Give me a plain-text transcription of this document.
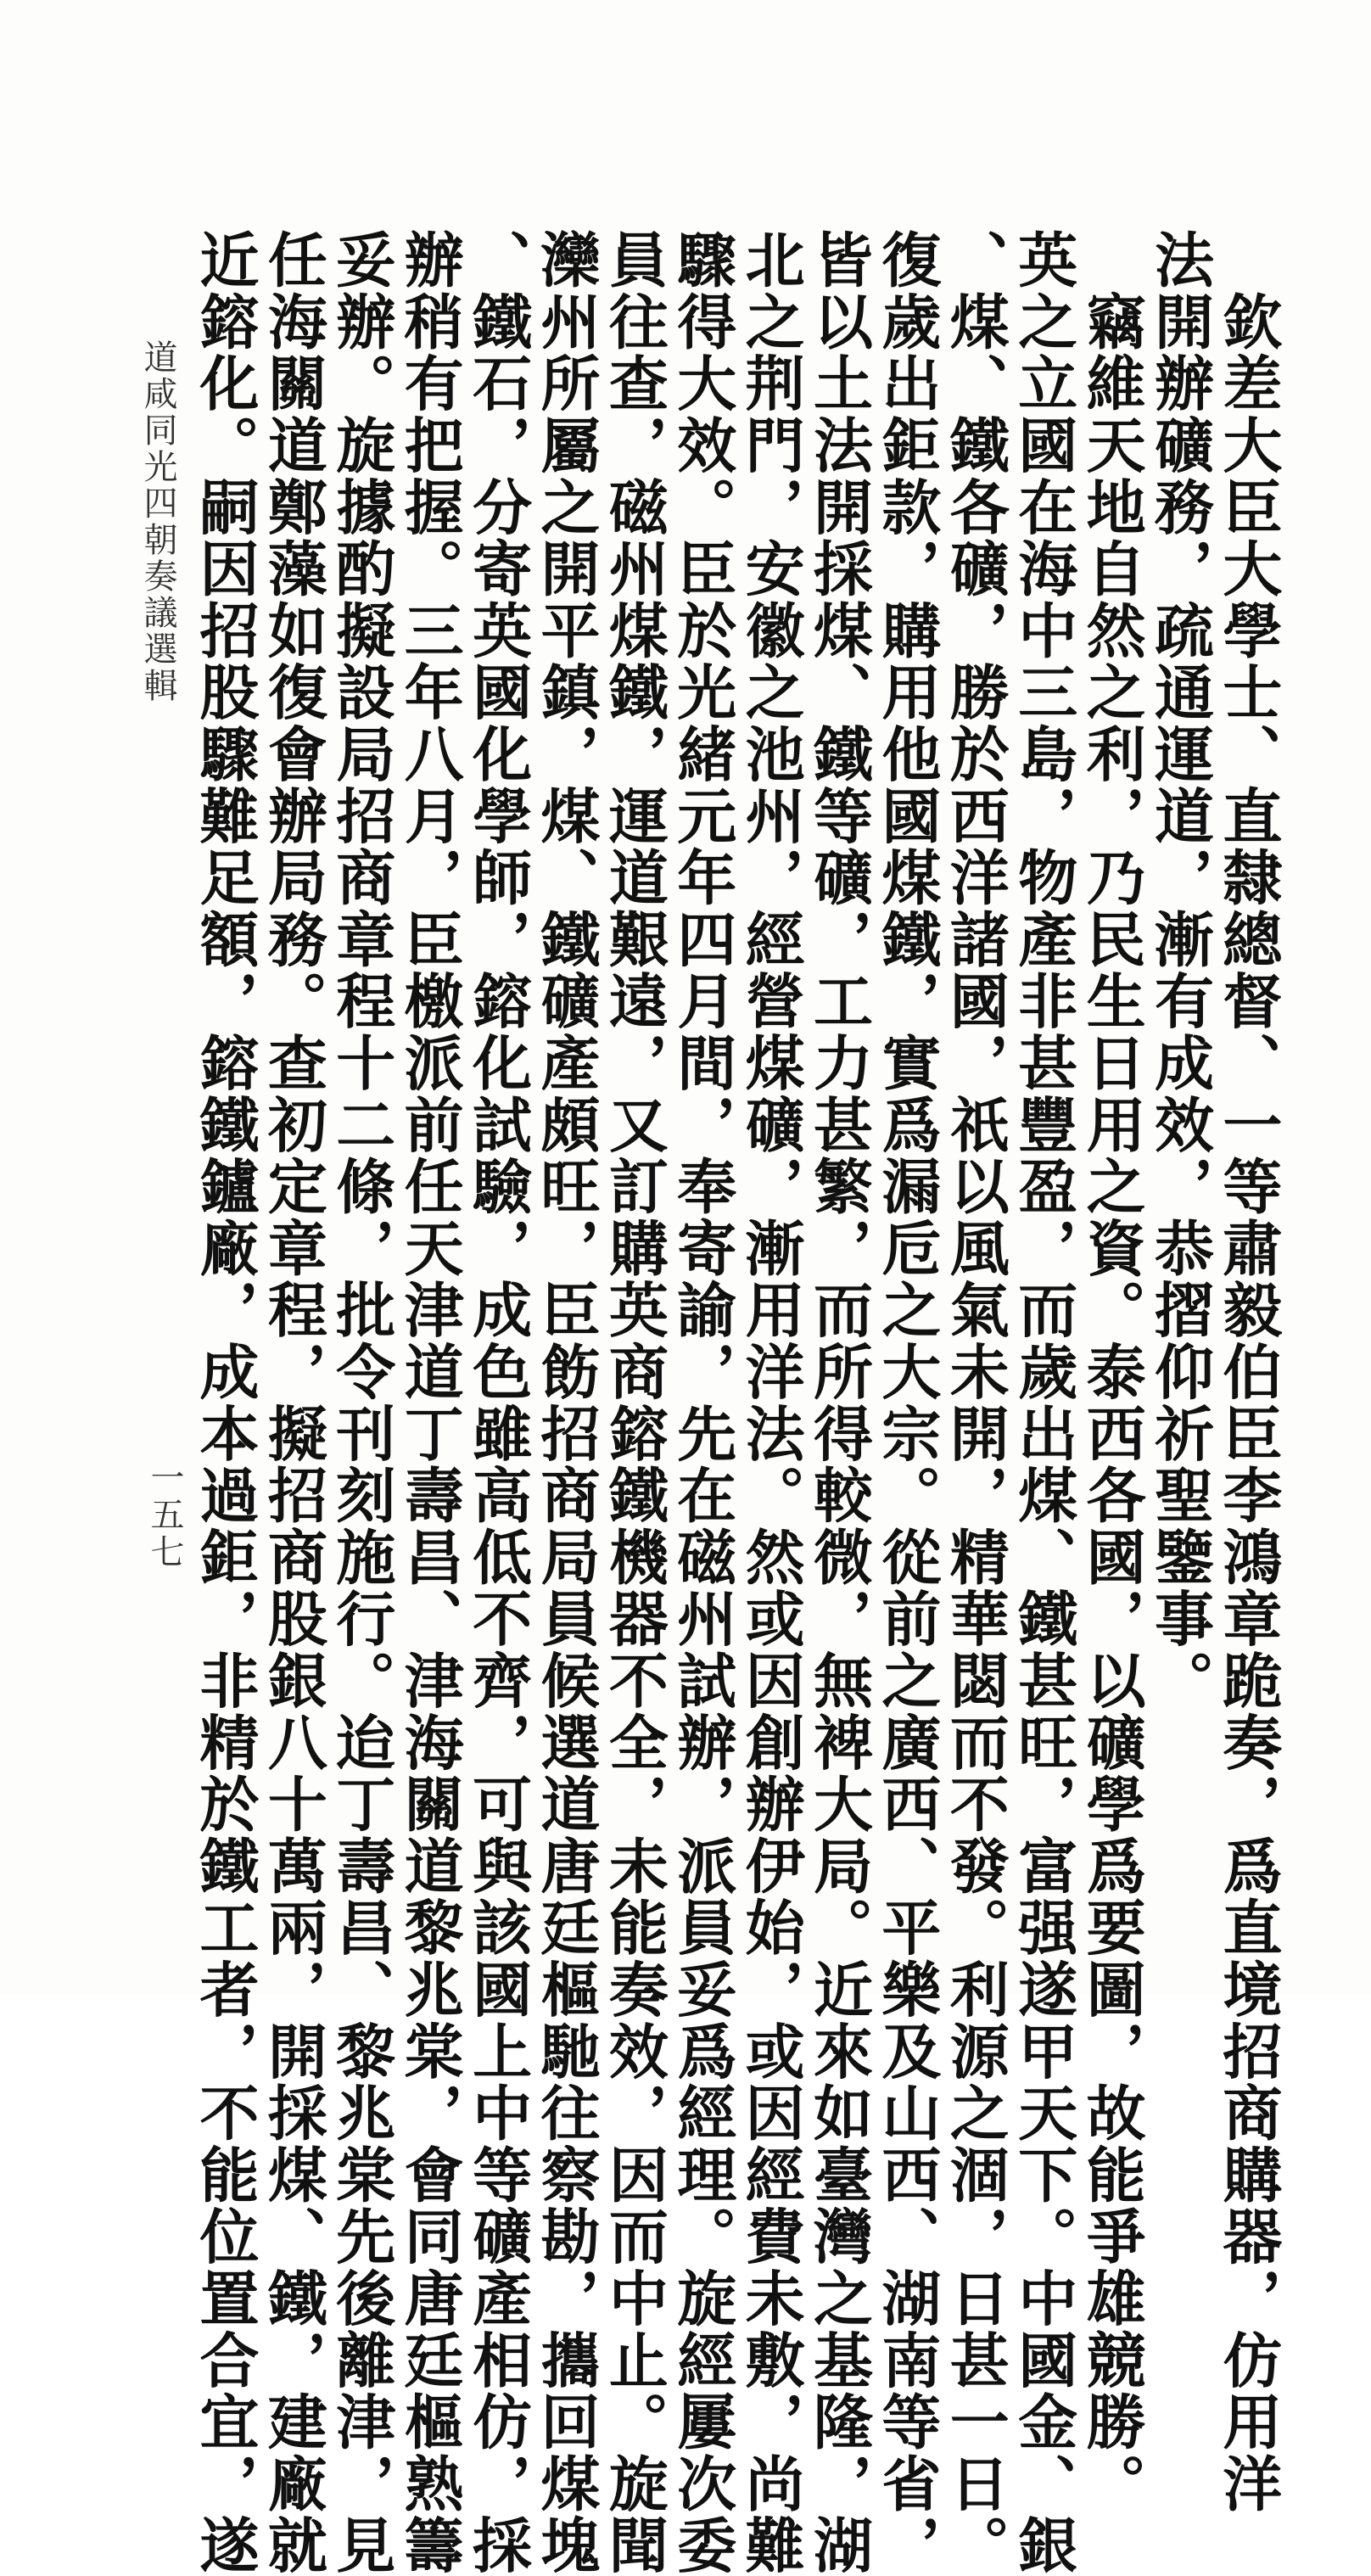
　欽差大臣大學士、直隸總督、一等肅毅伯臣李鴻章跪奏，爲直境招商購器，仿用洋
法開辦礦務，疏通運道，漸有成效，恭摺仰祈聖鑒事。
　竊維天地自然之利，乃民生日用之資。泰西各國，以礦學爲要圖，故能爭雄競勝。
英之立國在海中三島，物產非甚豐盈，而歲出煤、鐵甚旺，富强遂甲天下。中國金、銀
、煤、鐵各礦，勝於西洋諸國，祇以風氣未開，精華閟而不發。利源之涸，日甚一日。
復歲出鉅款，購用他國煤鐵，實爲漏卮之大宗。從前之廣西、平樂及山西、湖南等省，
皆以土法開採煤、鐵等礦，工力甚繁，而所得較微，無裨大局。近來如臺灣之基隆，湖
北之荆門，安徽之池州，經營煤礦，漸用洋法。然或因創辦伊始，或因經費未敷，尚難
驟得大效。臣於光緒元年四月間，奉寄諭，先在磁州試辦，派員妥爲經理。旋經屢次委
員往查，磁州煤鐵，運道艱遠，又訂購英商鎔鐵機器不全，未能奏效，因而中止。旋聞
灤州所屬之開平鎮，煤、鐵礦產頗旺，臣飭招商局員候選道唐廷樞馳往察勘，攜回煤塊
、鐵石，分寄英國化學師，鎔化試驗，成色雖高低不齊，可與該國上中等礦產相仿，採
辦稍有把握。三年八月，臣檄派前任天津道丁壽昌、津海關道黎兆棠，會同唐廷樞熟籌
妥辦。旋據酌擬設局招商章程十二條，批令刊刻施行。迨丁壽昌、黎兆棠先後離津，見
任海關道鄭藻如復會辦局務。查初定章程，擬招商股銀八十萬兩，開採煤、鐵，建廠就
近鎔化。嗣因招股驟難足額，鎔鐵鑪廠，成本過鉅，非精於鐵工者，不能位置合宜，遂
道咸同光四朝奏議選輯
一五七
